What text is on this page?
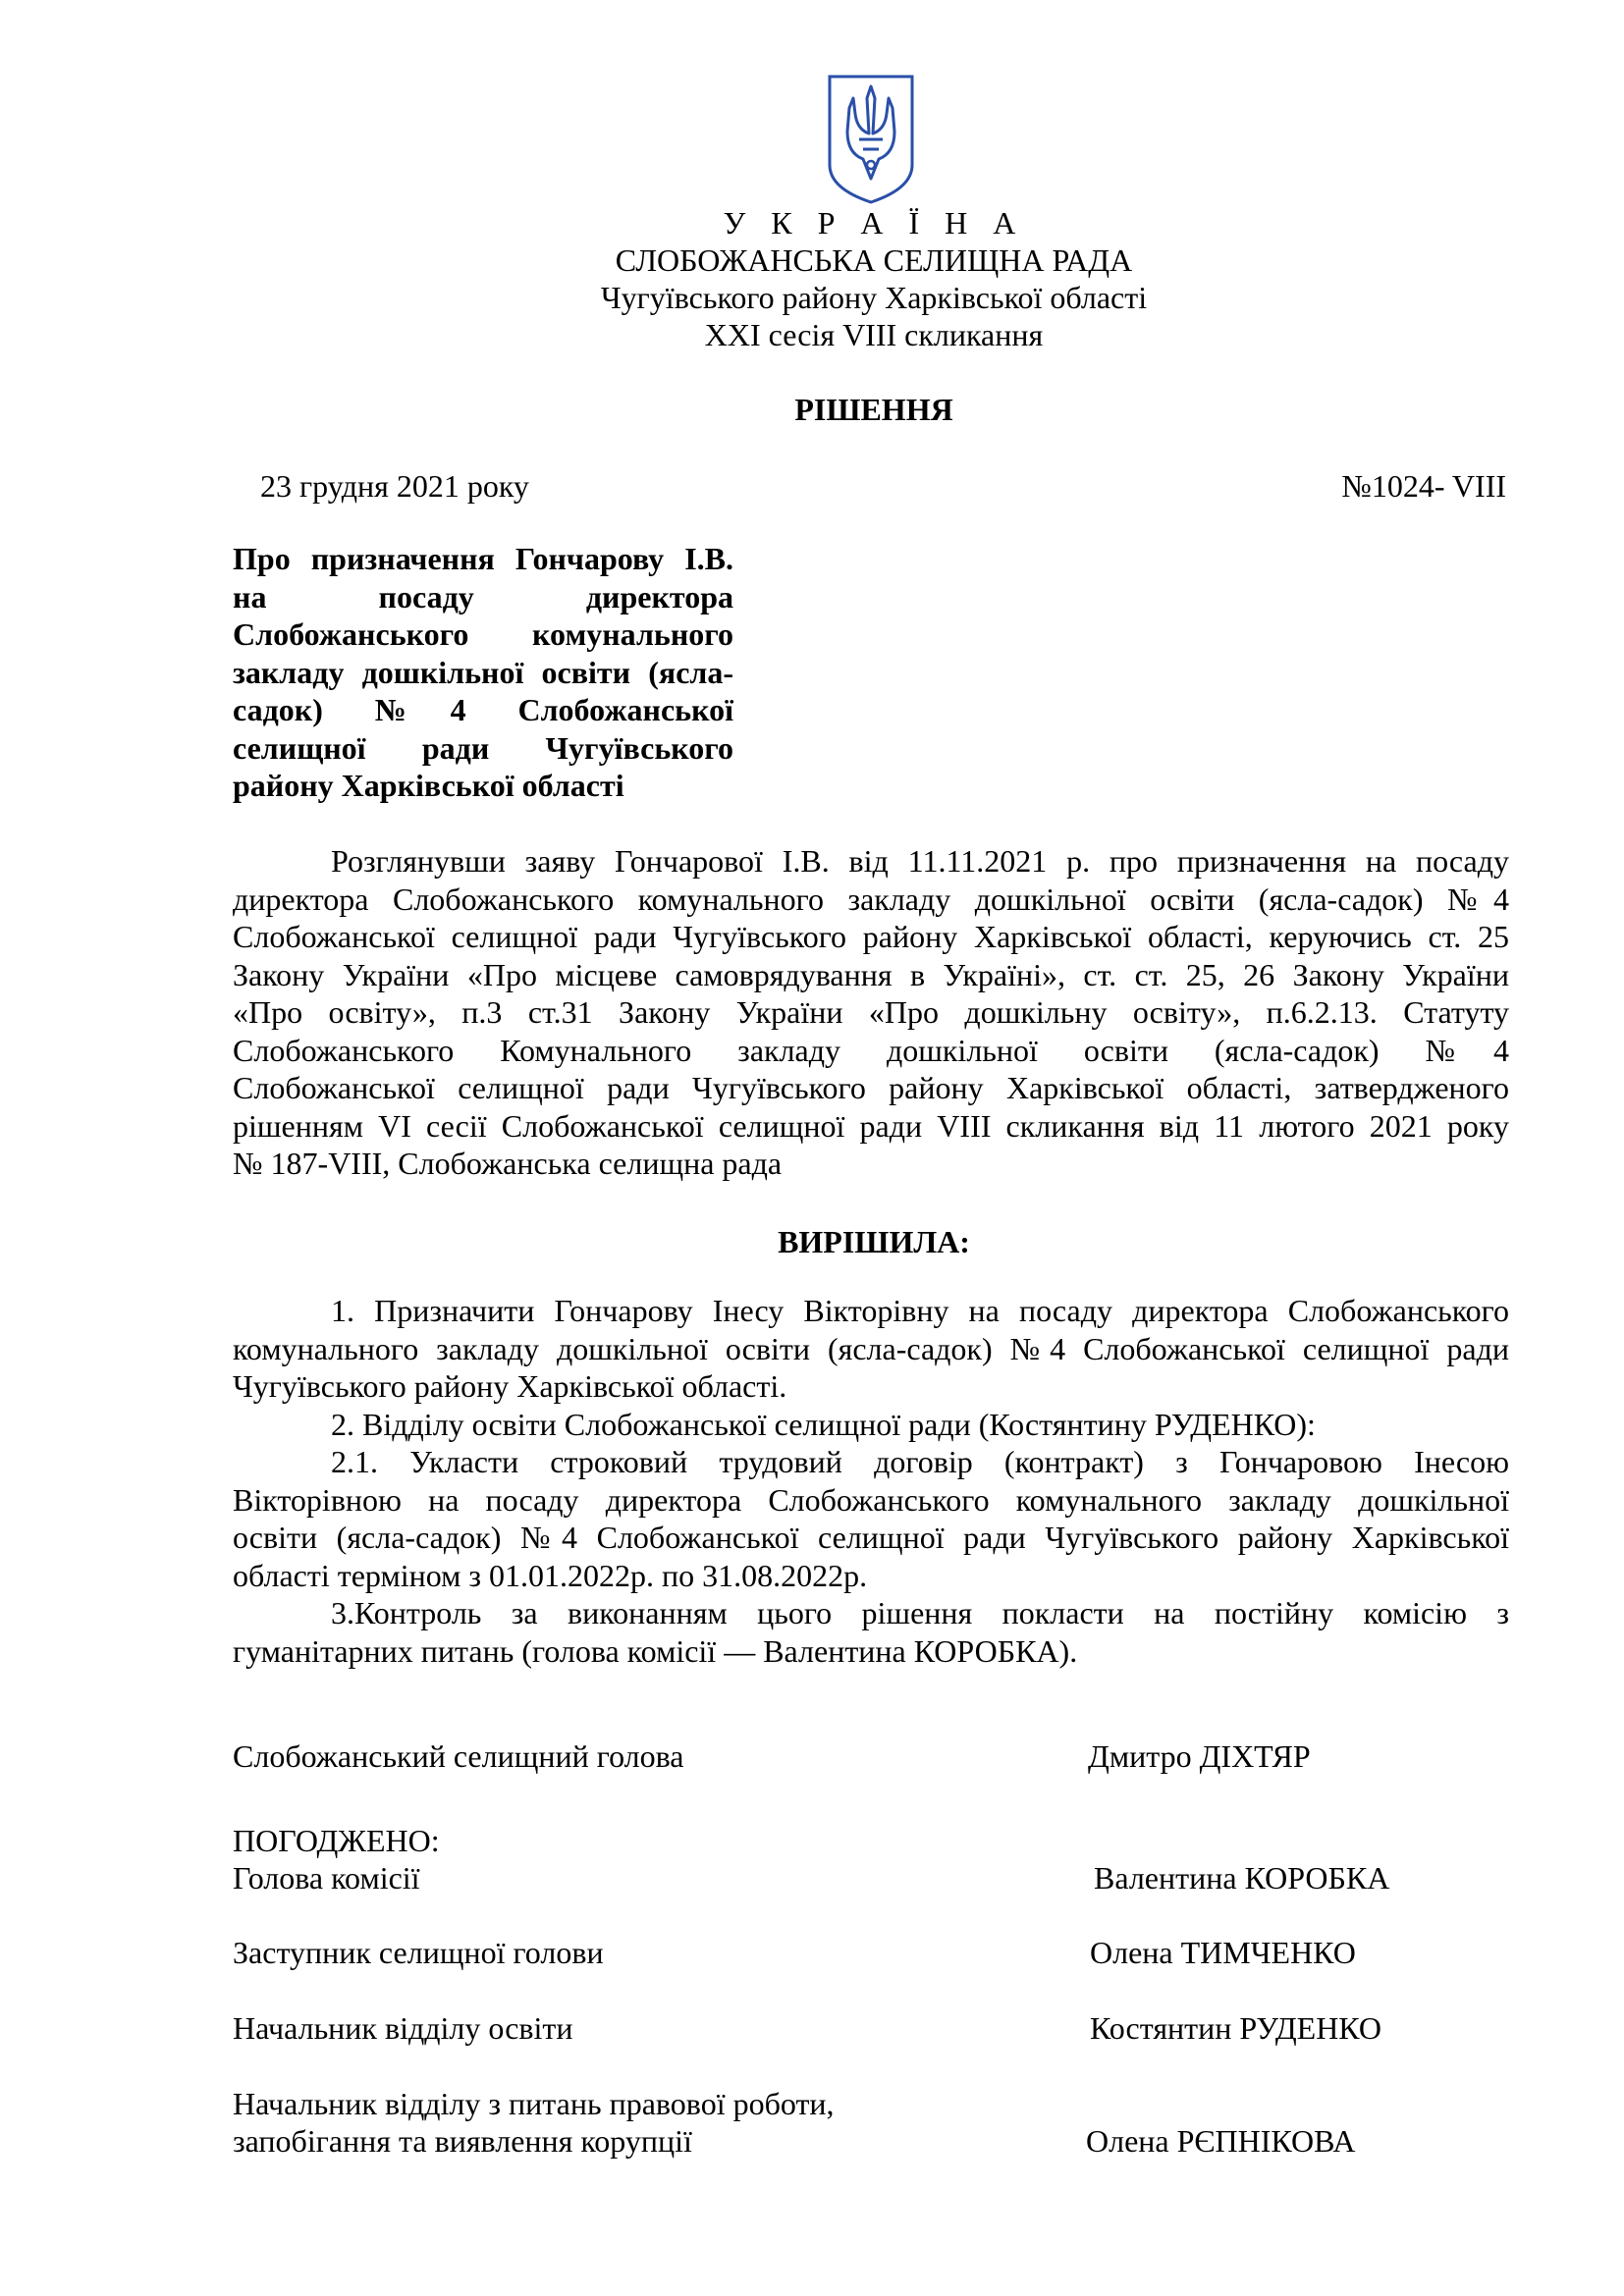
У К Р А Ї Н А
СЛОБОЖАНСЬКА СЕЛИЩНА РАДА
Чугуївського району Харківської області
XXІ сесія VIII скликання
РІШЕННЯ
23 грудня 2021 року	№1024- VIII
Про призначення Гончарову І.В.
на посаду директора
Слобожанського комунального
закладу дошкільної освіти (ясла-
садок) №4 Слобожанської
селищної ради Чугуївського
району Харківської області
Розглянувши заяву Гончарової І.В. від 11.11.2021 р. про призначення на посаду
директора Слобожанського комунального закладу дошкільної освіти (ясла-садок) №4
Слобожанської селищної ради Чугуївського району Харківської області, керуючись ст. 25
Закону України «Про місцеве самоврядування в Україні», ст. ст. 25, 26 Закону України
«Про освіту», п.3 ст.31 Закону України «Про дошкільну освіту», п.6.2.13. Статуту
Слобожанського Комунального закладу дошкільної освіти (ясла-садок) №4
Слобожанської селищної ради Чугуївського району Харківської області, затвердженого
рішенням VІ сесії Слобожанської селищної ради VІІІ скликання від 11 лютого 2021 року
№ 187-VІІІ, Слобожанська селищна рада
ВИРІШИЛА:
1. Призначити Гончарову Інесу Вікторівну на посаду директора Слобожанського
комунального закладу дошкільної освіти (ясла-садок) №4 Слобожанської селищної ради
Чугуївського району Харківської області.
2. Відділу освіти Слобожанської селищної ради (Костянтину РУДЕНКО):
2.1. Укласти строковий трудовий договір (контракт) з Гончаровою Інесою
Вікторівною на посаду директора Слобожанського комунального закладу дошкільної
освіти (ясла-садок) №4 Слобожанської селищної ради Чугуївського району Харківської
області терміном з 01.01.2022р. по 31.08.2022р.
3.Контроль за виконанням цього рішення покласти на постійну комісію з
гуманітарних питань (голова комісії — Валентина КОРОБКА).
Слобожанський селищний голова	Дмитро ДІХТЯР
ПОГОДЖЕНО:
Голова комісії	Валентина КОРОБКА
Заступник селищної голови	Олена ТИМЧЕНКО
Начальник відділу освіти	Костянтин РУДЕНКО
Начальник відділу з питань правової роботи,
запобігання та виявлення корупції	Олена РЄПНІКОВА
